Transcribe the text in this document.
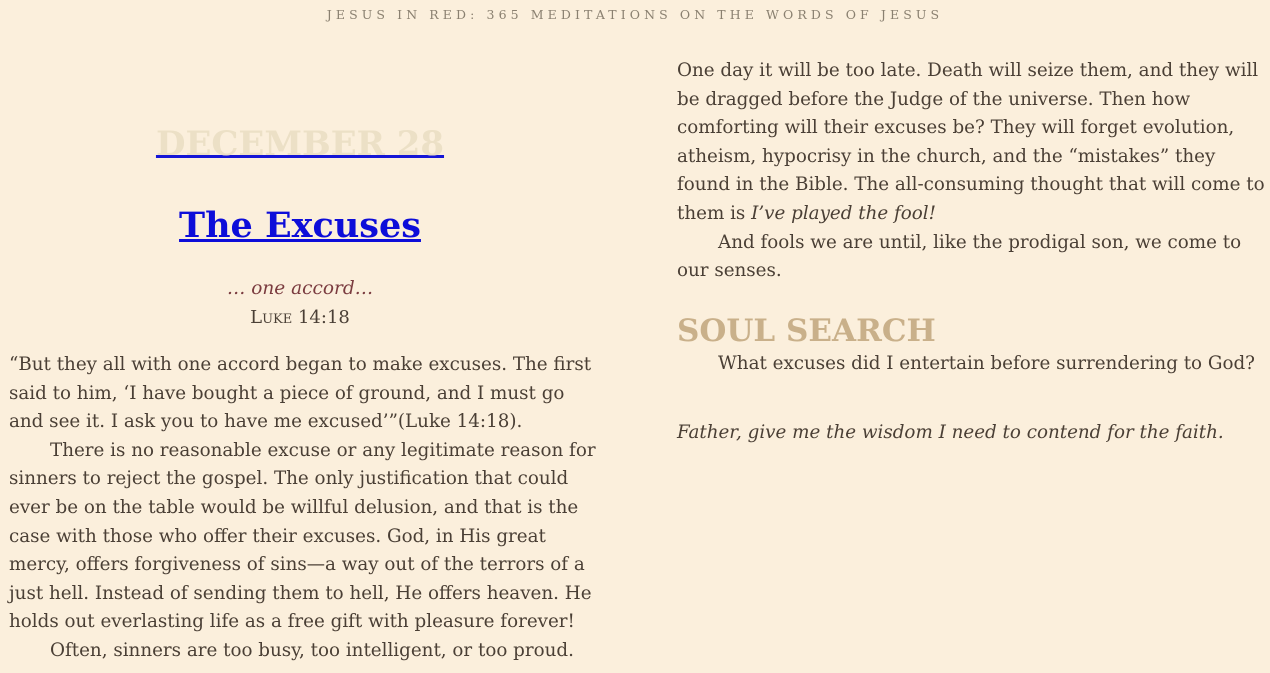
JESUS IN RED: 365 MEDITATIONS ON THE WORDS OF JESUS
DECEMBER 28
The Excuses
… one accord…
Luke 14:18

“But they all with one accord began to make excuses. The first said to him, ‘I have bought a piece of ground, and I must go and see it. I ask you to have me excused’”(Luke 14:18).

There is no reasonable excuse or any legitimate reason for sinners to reject the gospel. The only justification that could ever be on the table would be willful delusion, and that is the case with those who offer their excuses. God, in His great mercy, offers forgiveness of sins—a way out of the terrors of a just hell. Instead of sending them to hell, He offers heaven. He holds out everlasting life as a free gift with pleasure forever!

Often, sinners are too busy, too intelligent, or too proud.

One day it will be too late. Death will seize them, and they will be dragged before the Judge of the universe. Then how comforting will their excuses be? They will forget evolution, atheism, hypocrisy in the church, and the “mistakes” they found in the Bible. The all-consuming thought that will come to them is I’ve played the fool!

And fools we are until, like the prodigal son, we come to our senses.

SOUL SEARCH

What excuses did I entertain before surrendering to God?

Father, give me the wisdom I need to contend for the faith.
